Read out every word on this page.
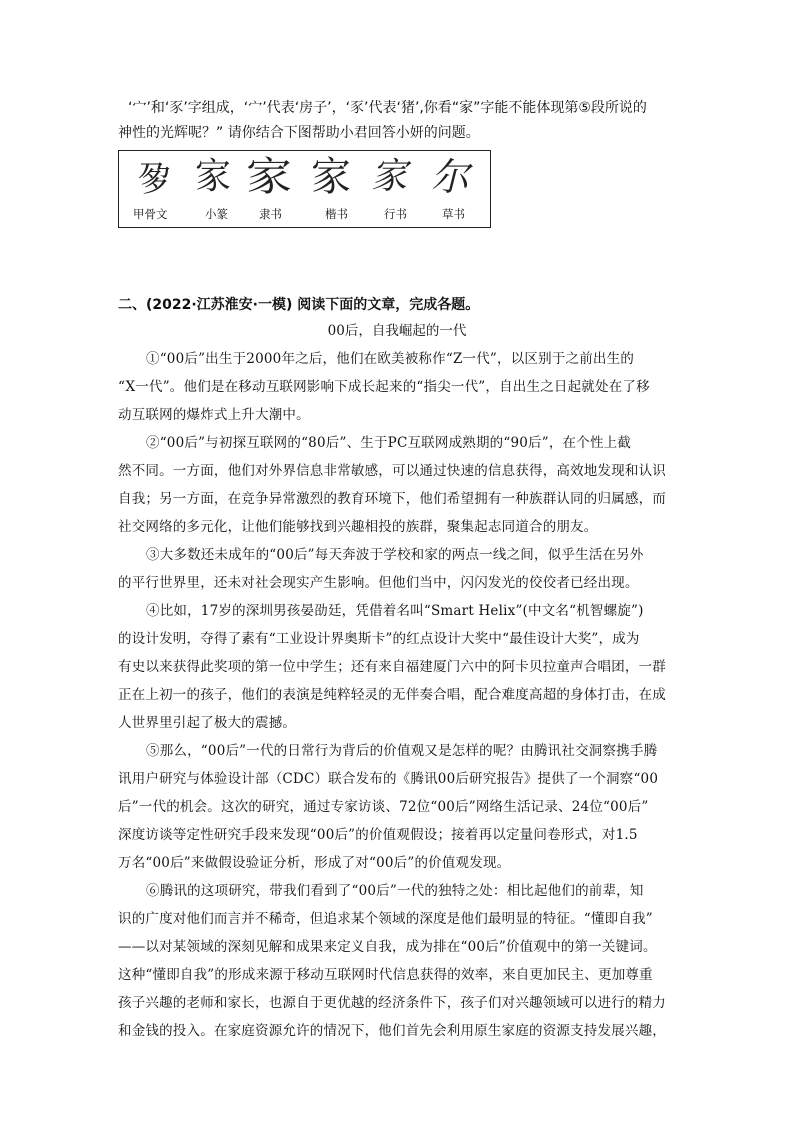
‘宀’和‘豕’字组成，‘宀’代表‘房子’，‘豕’代表‘猪’,你看“家”字能不能体现第⑤段所说的
神性的光辉呢？” 请你结合下图帮助小君回答小妍的问题。
㚉 家 家 家 家 尔
甲骨文	小篆	隶书	楷书	行书	草书
二、(2022·江苏淮安·一模) 阅读下面的文章，完成各题。
00后，自我崛起的一代
①“00后”出生于2000年之后，他们在欧美被称作“Z一代”，以区别于之前出生的
“X一代”。他们是在移动互联网影响下成长起来的“指尖一代”，自出生之日起就处在了移
动互联网的爆炸式上升大潮中。
②“00后”与初探互联网的“80后”、生于PC互联网成熟期的“90后”，在个性上截
然不同。一方面，他们对外界信息非常敏感，可以通过快速的信息获得，高效地发现和认识
自我；另一方面，在竞争异常激烈的教育环境下，他们希望拥有一种族群认同的归属感，而
社交网络的多元化，让他们能够找到兴趣相投的族群，聚集起志同道合的朋友。
③大多数还未成年的“00后”每天奔波于学校和家的两点一线之间，似乎生活在另外
的平行世界里，还未对社会现实产生影响。但他们当中，闪闪发光的佼佼者已经出现。
④比如，17岁的深圳男孩晏劭廷，凭借着名叫“Smart Helix”(中文名“机智螺旋”)
的设计发明，夺得了素有“工业设计界奥斯卡”的红点设计大奖中“最佳设计大奖”，成为
有史以来获得此奖项的第一位中学生；还有来自福建厦门六中的阿卡贝拉童声合唱团，一群
正在上初一的孩子，他们的表演是纯粹轻灵的无伴奏合唱，配合难度高超的身体打击，在成
人世界里引起了极大的震撼。
⑤那么，“00后”一代的日常行为背后的价值观又是怎样的呢？由腾讯社交洞察携手腾
讯用户研究与体验设计部（CDC）联合发布的《腾讯00后研究报告》提供了一个洞察“00
后”一代的机会。这次的研究，通过专家访谈、72位“00后”网络生活记录、24位“00后”
深度访谈等定性研究手段来发现“00后”的价值观假设；接着再以定量问卷形式，对1.5
万名“00后”来做假设验证分析，形成了对“00后”的价值观发现。
⑥腾讯的这项研究，带我们看到了“00后”一代的独特之处：相比起他们的前辈，知
识的广度对他们而言并不稀奇，但追求某个领域的深度是他们最明显的特征。“懂即自我”
——以对某领域的深刻见解和成果来定义自我，成为排在“00后”价值观中的第一关键词。
这种“懂即自我”的形成来源于移动互联网时代信息获得的效率，来自更加民主、更加尊重
孩子兴趣的老师和家长，也源自于更优越的经济条件下，孩子们对兴趣领域可以进行的精力
和金钱的投入。在家庭资源允许的情况下，他们首先会利用原生家庭的资源支持发展兴趣，
